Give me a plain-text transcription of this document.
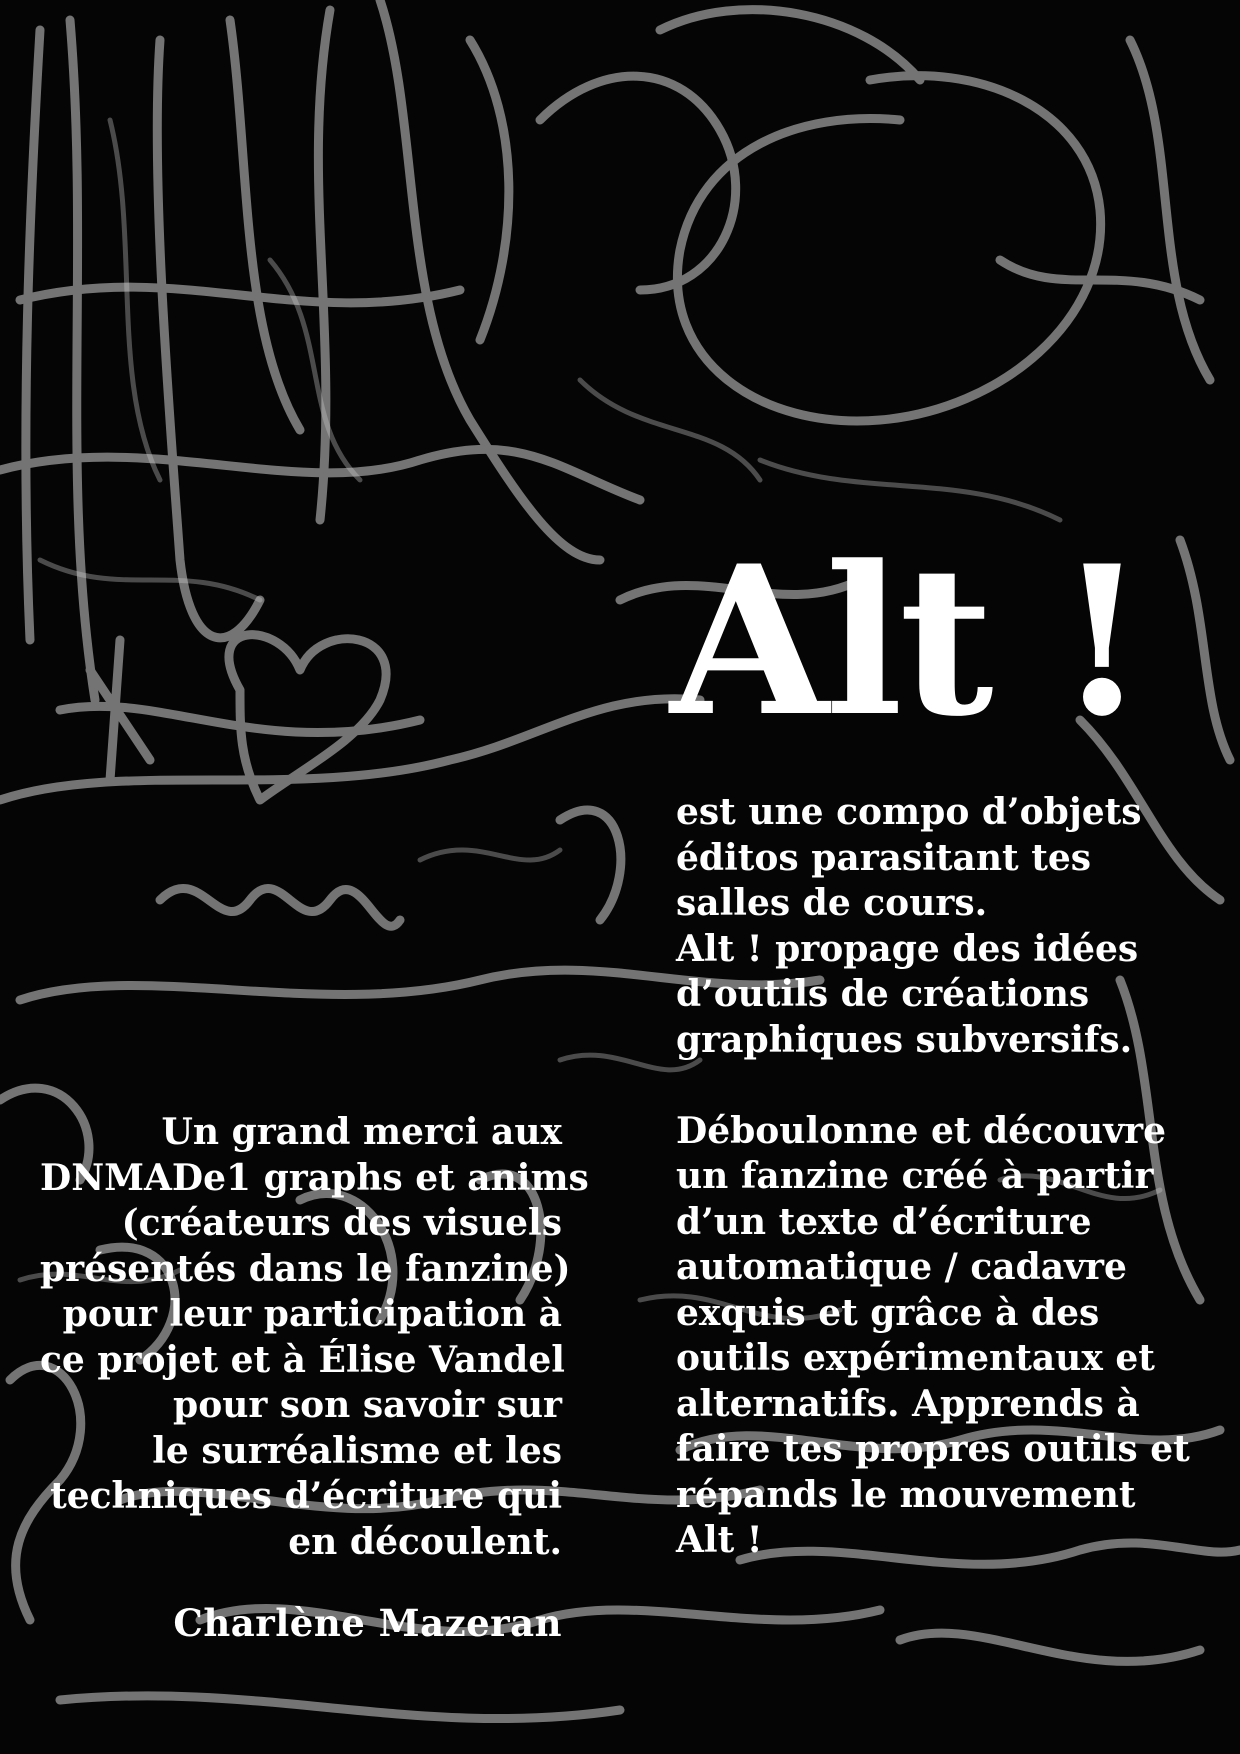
Alt !

est une compo d’objets
éditos parasitant tes
salles de cours.
Alt ! propage des idées
d’outils de créations
graphiques subversifs.

Déboulonne et découvre
un fanzine créé à partir
d’un texte d’écriture
automatique / cadavre
exquis et grâce à des
outils expérimentaux et
alternatifs. Apprends à
faire tes propres outils et
répands le mouvement
Alt !

Un grand merci aux
DNMADe1 graphs et anims
(créateurs des visuels
présentés dans le fanzine)
pour leur participation à
ce projet et à Élise Vandel
pour son savoir sur
le surréalisme et les
techniques d’écriture qui
en découlent.

Charlène Mazeran
